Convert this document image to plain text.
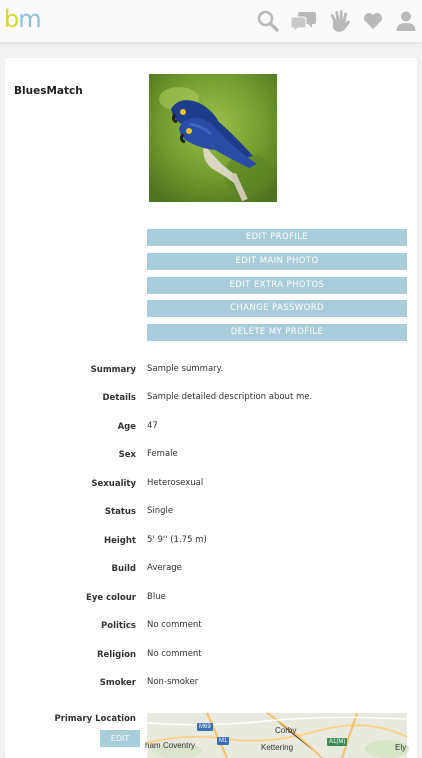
bm
BluesMatch
EDIT PROFILE
EDIT MAIN PHOTO
EDIT EXTRA PHOTOS
CHANGE PASSWORD
DELETE MY PROFILE
Summary Sample summary.
Details Sample detailed description about me.
Age 47
Sex Female
Sexuality Heterosexual
Status Single
Height 5' 9'' (1.75 m)
Build Average
Eye colour Blue
Politics No comment
Religion No comment
Smoker Non-smoker
Primary Location
EDIT
ham Coventry
Corby
Kettering	Ely
M69
M1	A1(M)
